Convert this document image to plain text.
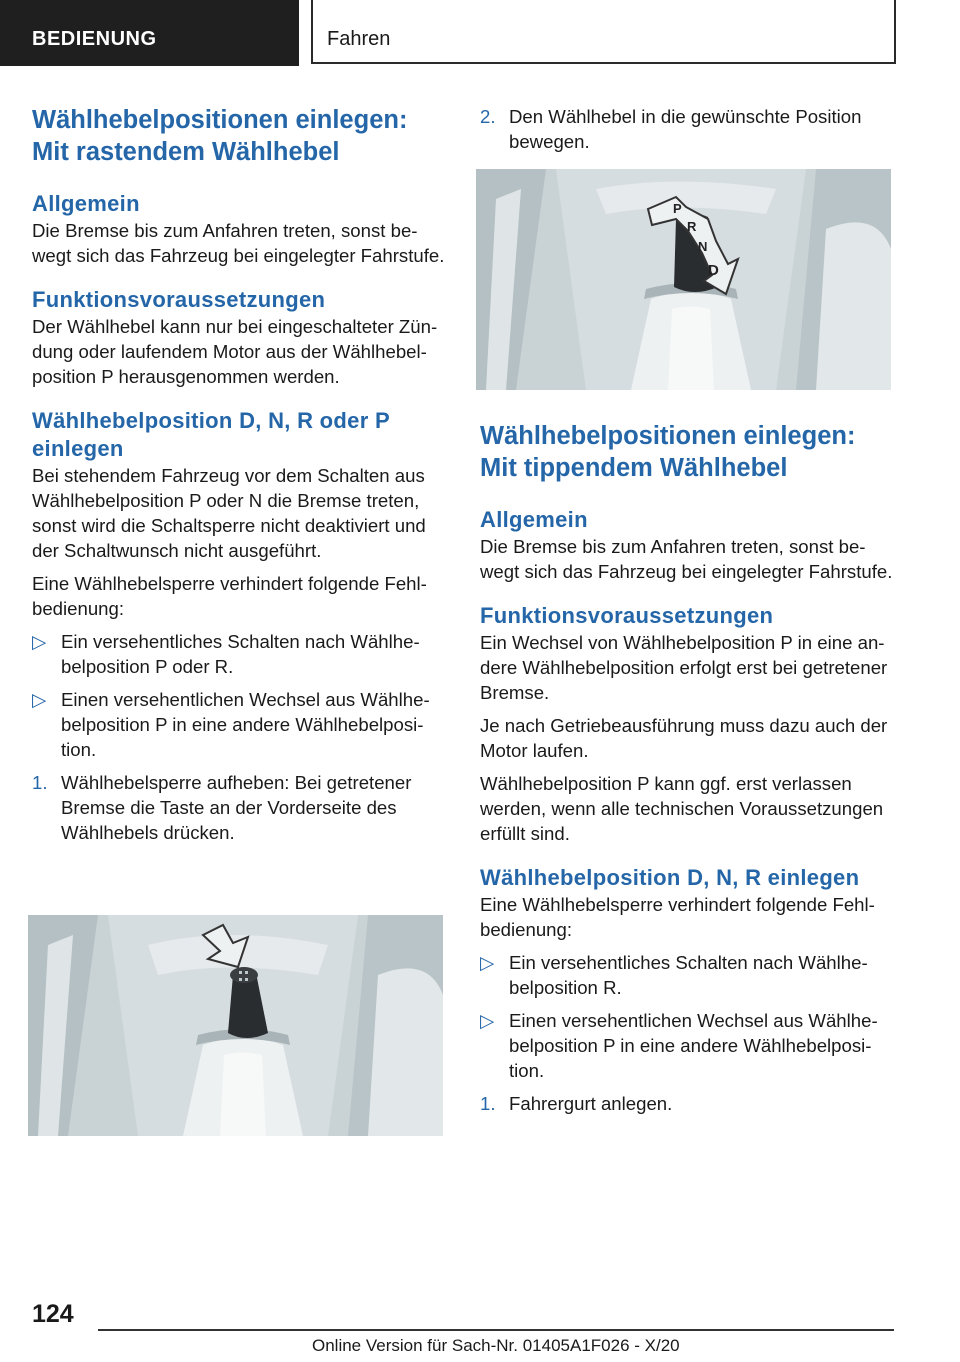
BEDIENUNG	Fahren
Wählhebelpositionen einlegen: Mit rastendem Wählhebel
Allgemein

Die Bremse bis zum Anfahren treten, sonst bewegt sich das Fahrzeug bei eingelegter Fahrstufe.

Funktionsvoraussetzungen

Der Wählhebel kann nur bei eingeschalteter Zündung oder laufendem Motor aus der Wählhebelposition P herausgenommen werden.

Wählhebelposition D, N, R oder P einlegen

Bei stehendem Fahrzeug vor dem Schalten aus Wählhebelposition P oder N die Bremse treten, sonst wird die Schaltsperre nicht deaktiviert und der Schaltwunsch nicht ausgeführt.

Eine Wählhebelsperre verhindert folgende Fehlbedienung:

▷ Ein versehentliches Schalten nach Wählhebelposition P oder R.
▷ Einen versehentlichen Wechsel aus Wählhebelposition P in eine andere Wählhebelposition.
1. Wählhebelsperre aufheben: Bei getretener Bremse die Taste an der Vorderseite des Wählhebels drücken.
2. Den Wählhebel in die gewünschte Position bewegen.
P
R
N
D
Wählhebelpositionen einlegen: Mit tippendem Wählhebel
Allgemein

Die Bremse bis zum Anfahren treten, sonst bewegt sich das Fahrzeug bei eingelegter Fahrstufe.

Funktionsvoraussetzungen

Ein Wechsel von Wählhebelposition P in eine andere Wählhebelposition erfolgt erst bei getretener Bremse.

Je nach Getriebeausführung muss dazu auch der Motor laufen.

Wählhebelposition P kann ggf. erst verlassen werden, wenn alle technischen Voraussetzungen erfüllt sind.

Wählhebelposition D, N, R einlegen

Eine Wählhebelsperre verhindert folgende Fehlbedienung:

▷ Ein versehentliches Schalten nach Wählhebelposition R.
▷ Einen versehentlichen Wechsel aus Wählhebelposition P in eine andere Wählhebelposition.
1. Fahrergurt anlegen.
124
Online Version für Sach-Nr. 01405A1F026 - X/20
